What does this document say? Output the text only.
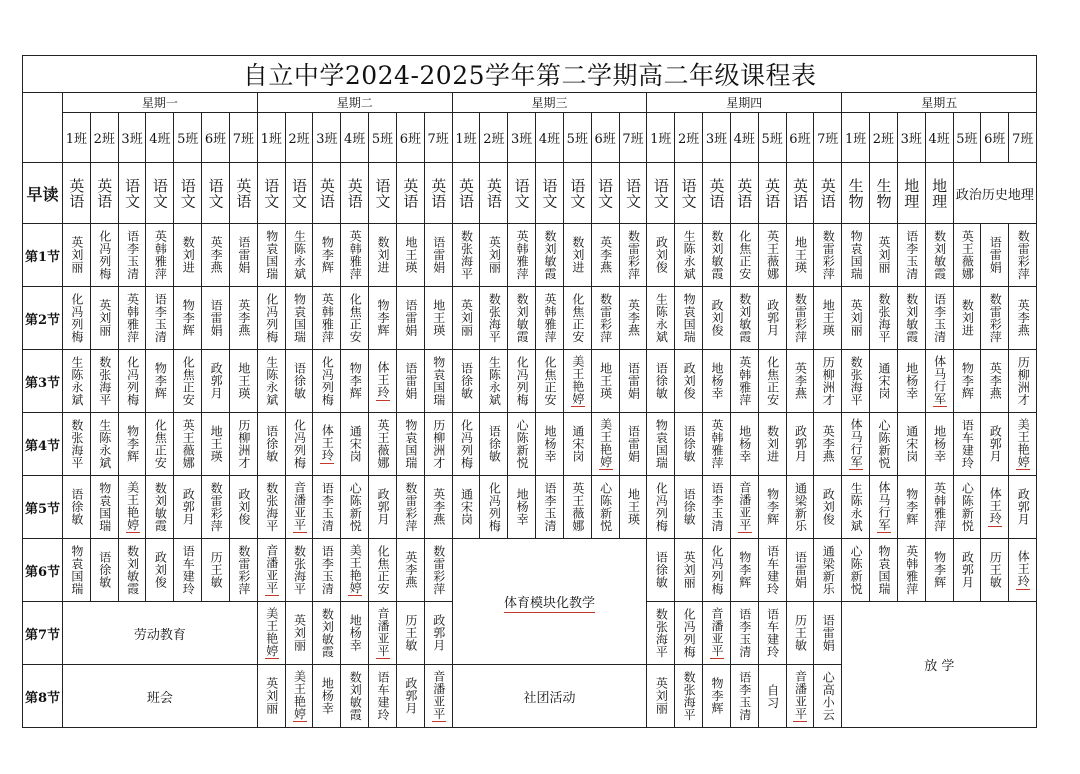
自立中学2024-2025学年第二学期高二年级课程表																																			
	星期一							星期二							星期三							星期四							星期五						
	1班	2班	3班	4班	5班	6班	7班	1班	2班	3班	4班	5班	6班	7班	1班	2班	3班	4班	5班	6班	7班	1班	2班	3班	4班	5班	6班	7班	1班	2班	3班	4班	5班	6班	7班
早读	英语	英语	语文	语文	语文	语文	英语	语文	语文	英语	英语	语文	英语	英语	英语	英语	语文	语文	语文	语文	语文	语文	语文	英语	英语	英语	英语	英语	生物	生物	地理	地理	政治历史地理		
第1节	英刘丽	化冯列梅	语李玉清	英韩雅萍	数刘进	英李燕	语雷娟	物袁国瑞	生陈永斌	物李辉	英韩雅萍	数刘进	地王瑛	语雷娟	数张海平	英刘丽	英韩雅萍	数刘敏霞	数刘进	英李燕	数雷彩萍	政刘俊	生陈永斌	数刘敏霞	化焦正安	英王薇娜	地王瑛	数雷彩萍	物袁国瑞	英刘丽	语李玉清	数刘敏霞	英王薇娜	语雷娟	数雷彩萍
第2节	化冯列梅	英刘丽	英韩雅萍	语李玉清	物李辉	语雷娟	英李燕	化冯列梅	物袁国瑞	英韩雅萍	化焦正安	物李辉	语雷娟	地王瑛	英刘丽	数张海平	数刘敏霞	英韩雅萍	化焦正安	数雷彩萍	英李燕	生陈永斌	物袁国瑞	政刘俊	数刘敏霞	政郭月	数雷彩萍	地王瑛	英刘丽	数张海平	数刘敏霞	语李玉清	数刘进	数雷彩萍	英李燕
第3节	生陈永斌	数张海平	化冯列梅	物李辉	化焦正安	政郭月	地王瑛	生陈永斌	语徐敏	化冯列梅	物李辉	体王玲	语雷娟	物袁国瑞	语徐敏	生陈永斌	化冯列梅	化焦正安	美王艳婷	地王瑛	语雷娟	语徐敏	政刘俊	地杨幸	英韩雅萍	化焦正安	英李燕	历柳洲才	数张海平	通宋岗	地杨幸	体马行军	物李辉	英李燕	历柳洲才
第4节	数张海平	生陈永斌	物李辉	化焦正安	英王薇娜	地王瑛	历柳洲才	语徐敏	化冯列梅	体王玲	通宋岗	英王薇娜	物袁国瑞	历柳洲才	化冯列梅	语徐敏	心陈新悦	地杨幸	通宋岗	美王艳婷	语雷娟	物袁国瑞	语徐敏	英韩雅萍	地杨幸	数刘进	政郭月	英李燕	体马行军	心陈新悦	通宋岗	地杨幸	语车建玲	政郭月	美王艳婷
第5节	语徐敏	物袁国瑞	美王艳婷	数刘敏霞	政郭月	数雷彩萍	政刘俊	数张海平	音潘亚平	语李玉清	心陈新悦	政郭月	数雷彩萍	英李燕	通宋岗	化冯列梅	地杨幸	语李玉清	英王薇娜	心陈新悦	地王瑛	化冯列梅	语徐敏	语李玉清	音潘亚平	物李辉	通梁新乐	政刘俊	生陈永斌	体马行军	物李辉	英韩雅萍	心陈新悦	体王玲	政郭月
第6节	物袁国瑞	语徐敏	数刘敏霞	政刘俊	语车建玲	历王敏	数雷彩萍	音潘亚平	数张海平	语李玉清	美王艳婷	化焦正安	英李燕	数雷彩萍	体育模块化教学							语徐敏	英刘丽	化冯列梅	物李辉	语车建玲	语雷娟	通梁新乐	心陈新悦	物袁国瑞	英韩雅萍	物李辉	政郭月	历王敏	体王玲
第7节	劳动教育							美王艳婷	英刘丽	数刘敏霞	地杨幸	音潘亚平	历王敏	政郭月								数张海平	化冯列梅	音潘亚平	语李玉清	语车建玲	历王敏	语雷娟	放 学						
第8节	班会							英刘丽	美王艳婷	地杨幸	数刘敏霞	语车建玲	政郭月	音潘亚平	社团活动							英刘丽	数张海平	物李辉	语李玉清	自习	音潘亚平	心高小云							
